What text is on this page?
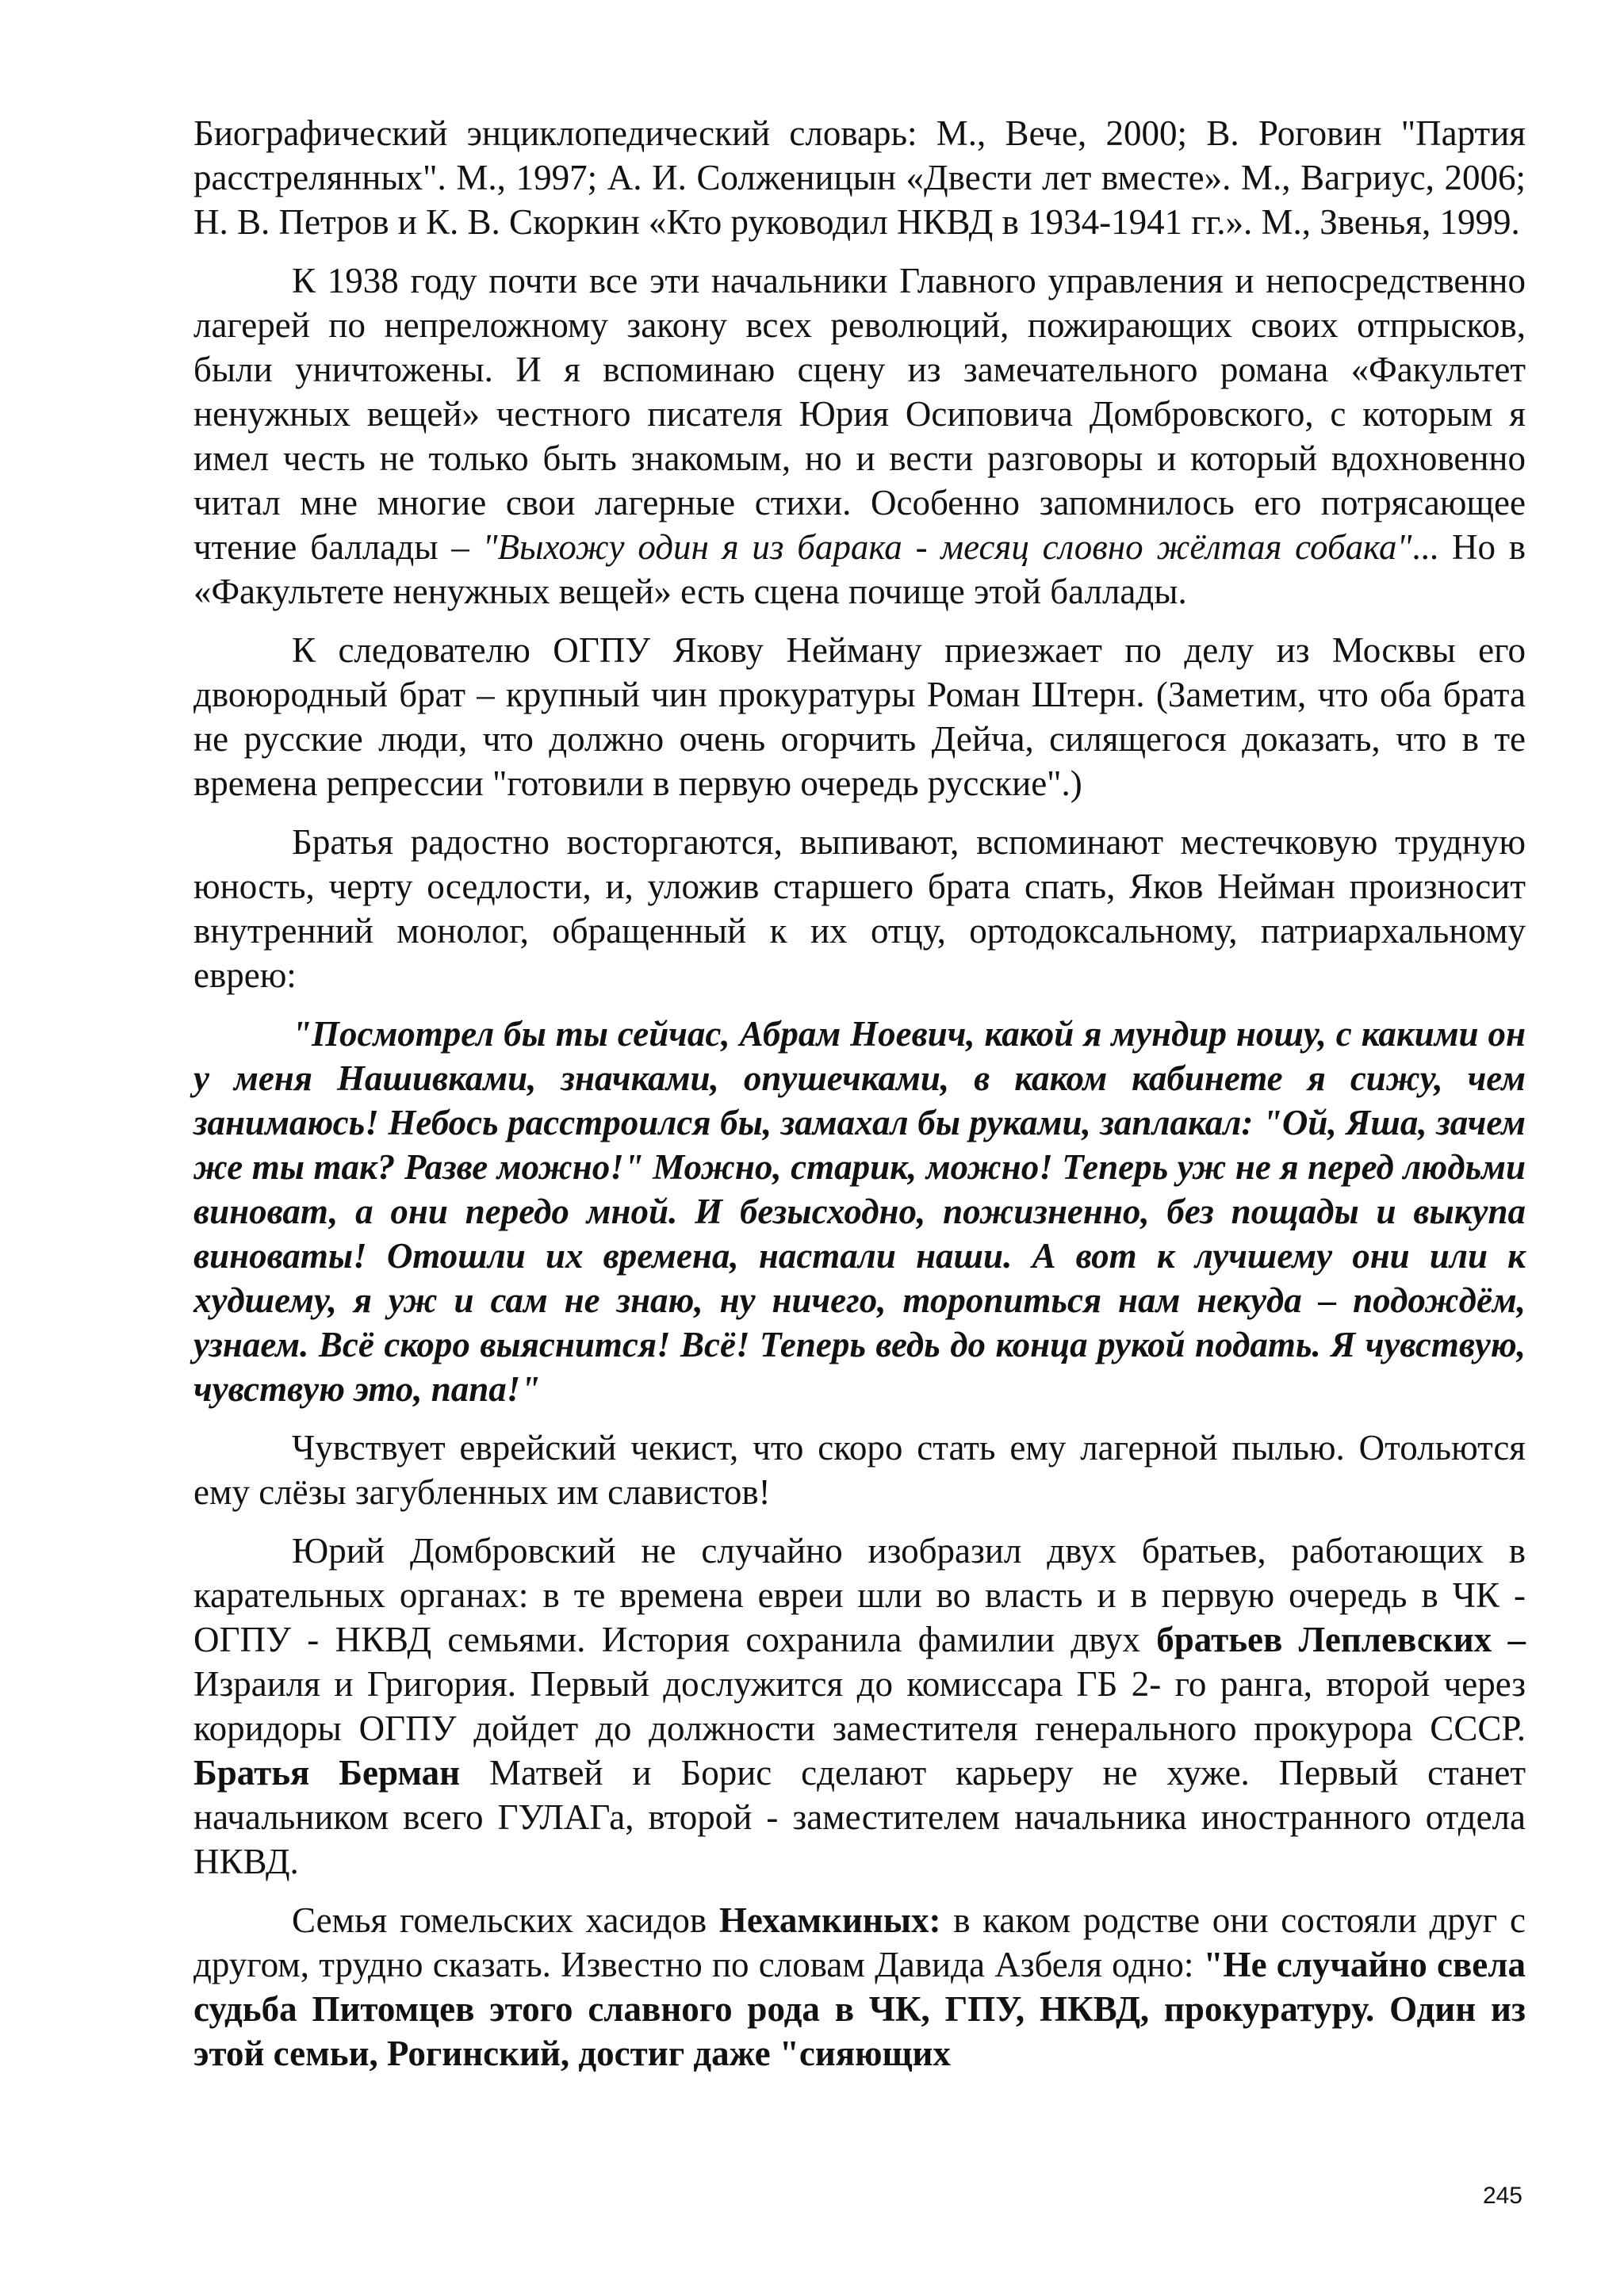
Биографический энциклопедический словарь: М., Вече, 2000; В. Роговин "Партия расстрелянных". М., 1997; А. И. Солженицын «Двести лет вместе». М., Вагриус, 2006; Н. В. Петров и К. В. Скоркин «Кто руководил НКВД в 1934-1941 гг.». М., Звенья, 1999.

К 1938 году почти все эти начальники Главного управления и непосредственно лагерей по непреложному закону всех революций, пожирающих своих отпрысков, были уничтожены. И я вспоминаю сцену из замечательного романа «Факультет ненужных вещей» честного писателя Юрия Осиповича Домбровского, с которым я имел честь не только быть знакомым, но и вести разговоры и который вдохновенно читал мне многие свои лагерные стихи. Особенно запомнилось его потрясающее чтение баллады – "Выхожу один я из барака - месяц словно жёлтая собака"... Но в «Факультете ненужных вещей» есть сцена почище этой баллады.

К следователю ОГПУ Якову Нейману приезжает по делу из Москвы его двоюродный брат – крупный чин прокуратуры Роман Штерн. (Заметим, что оба брата не русские люди, что должно очень огорчить Дейча, силящегося доказать, что в те времена репрессии "готовили в первую очередь русские".)

Братья радостно восторгаются, выпивают, вспоминают местечковую трудную юность, черту оседлости, и, уложив старшего брата спать, Яков Нейман произносит внутренний монолог, обращенный к их отцу, ортодоксальному, патриархальному еврею:

"Посмотрел бы ты сейчас, Абрам Ноевич, какой я мундир ношу, с какими он у меня Нашивками, значками, опушечками, в каком кабинете я сижу, чем занимаюсь! Небось расстроился бы, замахал бы руками, заплакал: "Ой, Яша, зачем же ты так? Разве можно!" Можно, старик, можно! Теперь уж не я перед людьми виноват, а они передо мной. И безысходно, пожизненно, без пощады и выкупа виноваты! Отошли их времена, настали наши. А вот к лучшему они или к худшему, я уж и сам не знаю, ну ничего, торопиться нам некуда – подождём, узнаем. Всё скоро выяснится! Всё! Теперь ведь до конца рукой подать. Я чувствую, чувствую это, папа!"

Чувствует еврейский чекист, что скоро стать ему лагерной пылью. Отольются ему слёзы загубленных им славистов!

Юрий Домбровский не случайно изобразил двух братьев, работающих в карательных органах: в те времена евреи шли во власть и в первую очередь в ЧК - ОГПУ - НКВД семьями. История сохранила фамилии двух братьев Леплевских – Израиля и Григория. Первый дослужится до комиссара ГБ 2- го ранга, второй через коридоры ОГПУ дойдет до должности заместителя генерального прокурора СССР. Братья Берман Матвей и Борис сделают карьеру не хуже. Первый станет начальником всего ГУЛАГа, второй - заместителем начальника иностранного отдела НКВД.

Семья гомельских хасидов Нехамкиных: в каком родстве они состояли друг с другом, трудно сказать. Известно по словам Давида Азбеля одно: "Не случайно свела судьба Питомцев этого славного рода в ЧК, ГПУ, НКВД, прокуратуру. Один из этой семьи, Рогинский, достиг даже "сияющих

245
